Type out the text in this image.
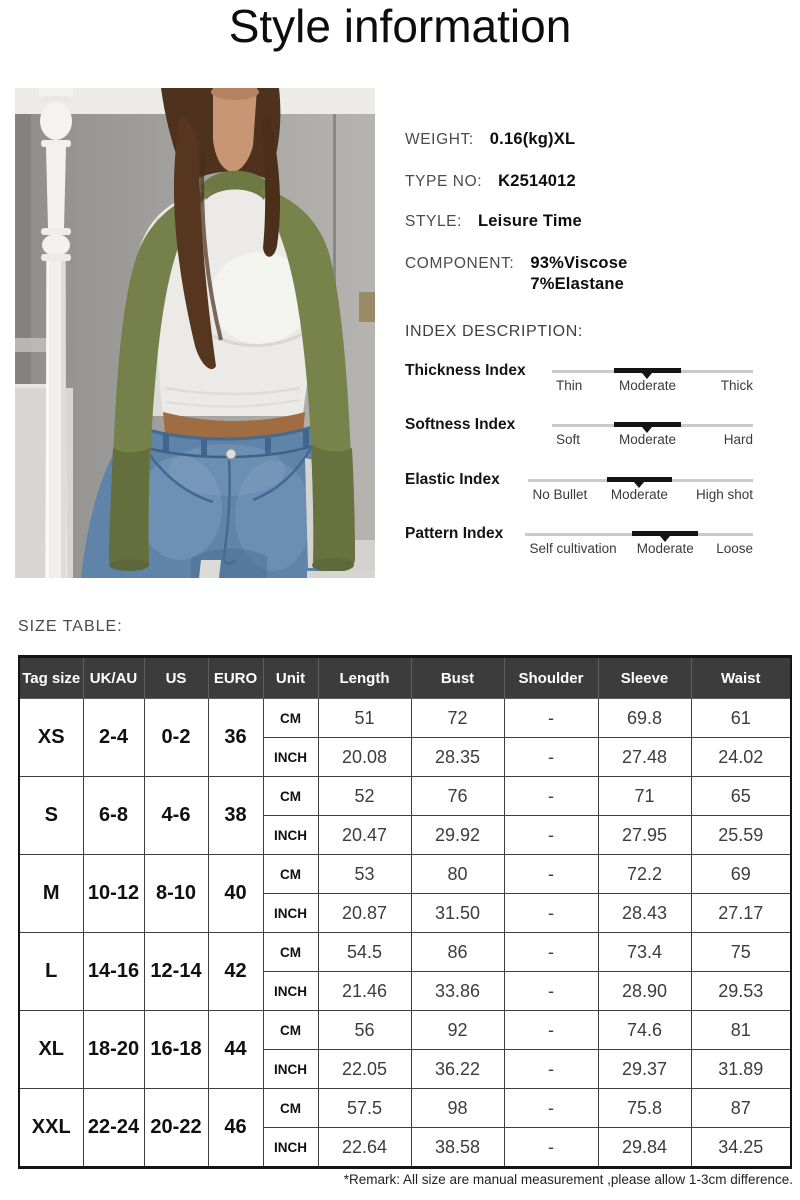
Style information
WEIGHT: 0.16(kg)XL
TYPE NO: K2514012
STYLE: Leisure Time
COMPONENT: 93%Viscose
7%Elastane
INDEX DESCRIPTION:
Thickness Index
Thin	Moderate	Thick
Softness Index
Soft	Moderate	Hard
Elastic Index
No Bullet Moderate High shot
Pattern Index
Self cultivation Moderate Loose
SIZE TABLE:
Tag size	UK/AU	US	EURO	Unit	Length	Bust	Shoulder	Sleeve	Waist
XS	2-4	0-2	36	CM	51	72	-	69.8	61
				INCH	20.08	28.35	-	27.48	24.02
S	6-8	4-6	38	CM	52	76	-	71	65
				INCH	20.47	29.92	-	27.95	25.59
M	10-12	8-10	40	CM	53	80	-	72.2	69
				INCH	20.87	31.50	-	28.43	27.17
L	14-16	12-14	42	CM	54.5	86	-	73.4	75
				INCH	21.46	33.86	-	28.90	29.53
XL	18-20	16-18	44	CM	56	92	-	74.6	81
				INCH	22.05	36.22	-	29.37	31.89
XXL	22-24	20-22	46	CM	57.5	98	-	75.8	87
				INCH	22.64	38.58	-	29.84	34.25
*Remark: All size are manual measurement ,please allow 1-3cm difference.
